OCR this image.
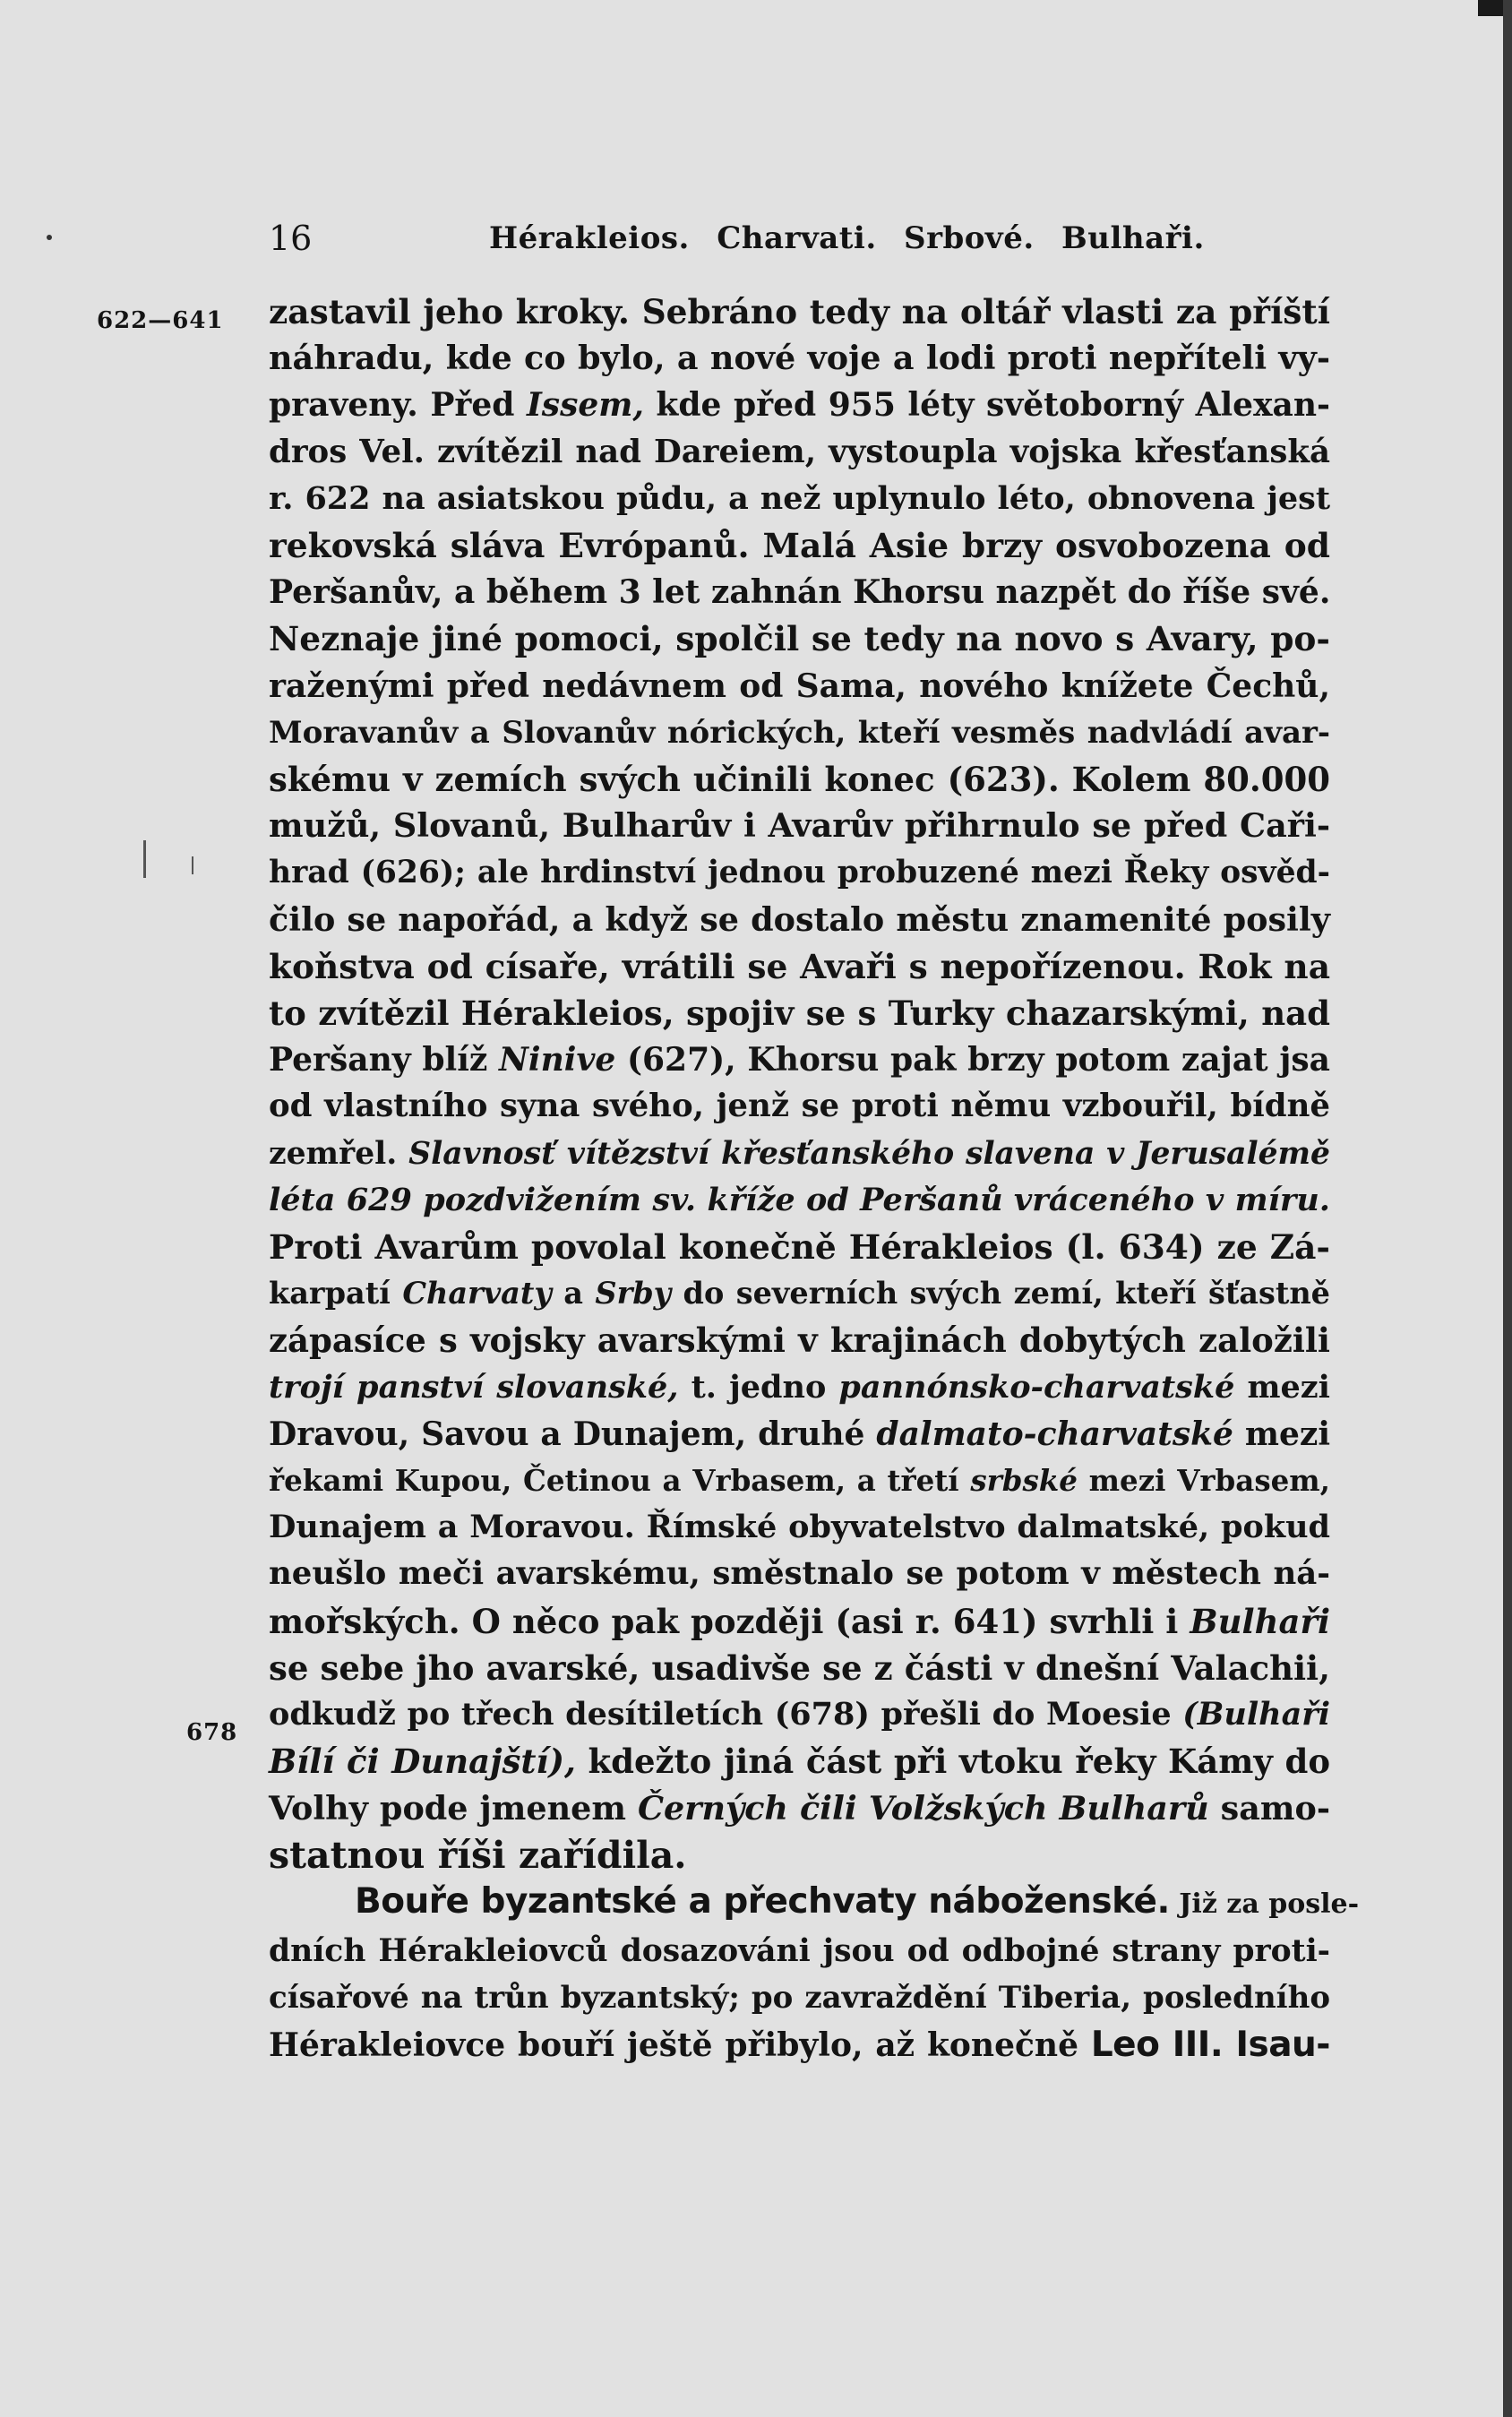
16	Hérakleios. Charvati. Srbové. Bulhaři.
622—641
678
zastavil jeho kroky. Sebráno tedy na oltář vlasti za příští
náhradu, kde co bylo, a nové voje a lodi proti nepříteli vy-
praveny. Před Issem, kde před 955 léty světoborný Alexan-
dros Vel. zvítězil nad Dareiem, vystoupla vojska křesťanská
r. 622 na asiatskou půdu, a než uplynulo léto, obnovena jest
rekovská sláva Evrópanů. Malá Asie brzy osvobozena od
Peršanův, a během 3 let zahnán Khorsu nazpět do říše své.
Neznaje jiné pomoci, spolčil se tedy na novo s Avary, po-
raženými před nedávnem od Sama, nového knížete Čechů,
Moravanův a Slovanův nórických, kteří vesměs nadvládí avar-
skému v zemích svých učinili konec (623). Kolem 80.000
mužů, Slovanů, Bulharův i Avarův přihrnulo se před Caři-
hrad (626); ale hrdinství jednou probuzené mezi Řeky osvěd-
čilo se napořád, a když se dostalo městu znamenité posily
koňstva od císaře, vrátili se Avaři s nepořízenou. Rok na
to zvítězil Hérakleios, spojiv se s Turky chazarskými, nad
Peršany blíž Ninive (627), Khorsu pak brzy potom zajat jsa
od vlastního syna svého, jenž se proti němu vzbouřil, bídně
zemřel. Slavnosť vítězství křesťanského slavena v Jerusalémě
léta 629 pozdvižením sv. kříže od Peršanů vráceného v míru.
Proti Avarům povolal konečně Hérakleios (l. 634) ze Zá-
karpatí Charvaty a Srby do severních svých zemí, kteří šťastně
zápasíce s vojsky avarskými v krajinách dobytých založili
trojí panství slovanské, t. jedno pannónsko-charvatské mezi
Dravou, Savou a Dunajem, druhé dalmato-charvatské mezi
řekami Kupou, Četinou a Vrbasem, a třetí srbské mezi Vrbasem,
Dunajem a Moravou. Římské obyvatelstvo dalmatské, pokud
neušlo meči avarskému, směstnalo se potom v městech ná-
mořských. O něco pak později (asi r. 641) svrhli i Bulhaři
se sebe jho avarské, usadivše se z části v dnešní Valachii,
odkudž po třech desítiletích (678) přešli do Moesie (Bulhaři
Bílí či Dunajští), kdežto jiná část při vtoku řeky Kámy do
Volhy pode jmenem Černých čili Volžských Bulharů samo-
statnou říši zařídila.
Bouře byzantské a přechvaty náboženské. Již za posle-
dních Hérakleiovců dosazováni jsou od odbojné strany proti-
císařové na trůn byzantský; po zavraždění Tiberia, posledního
Hérakleiovce bouří ještě přibylo, až konečně Leo III. Isau-
